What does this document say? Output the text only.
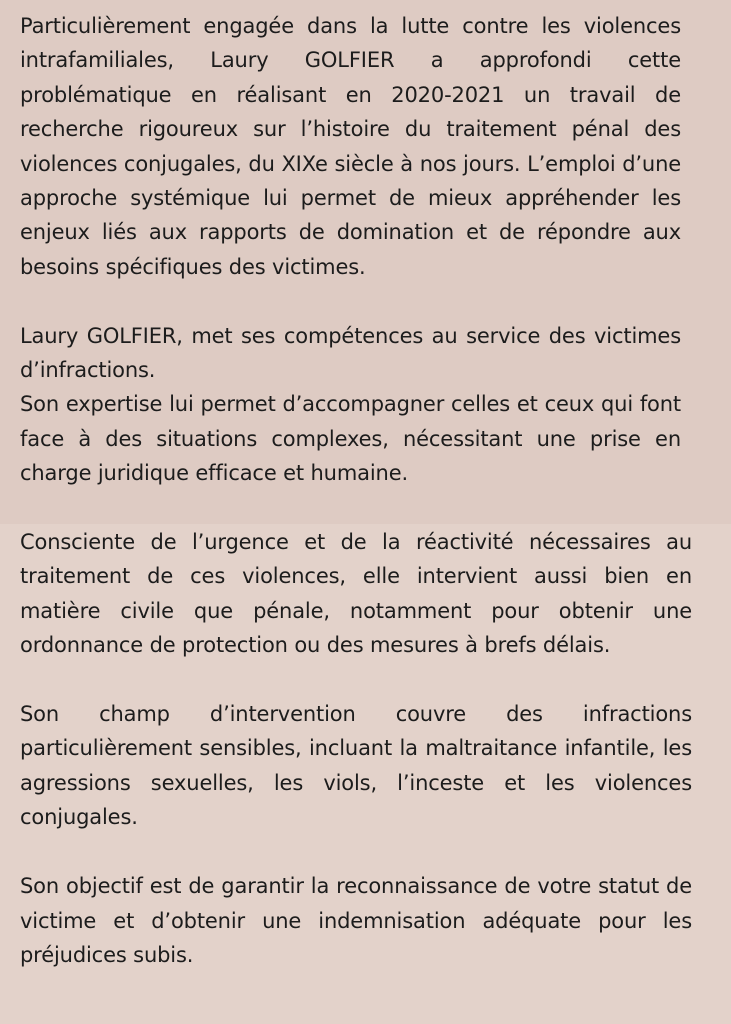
Particulièrement engagée dans la lutte contre les violences intrafamiliales, Laury GOLFIER a approfondi cette problématique en réalisant en 2020-2021 un travail de recherche rigoureux sur l’histoire du traitement pénal des violences conjugales, du XIXe siècle à nos jours. L’emploi d’une approche systémique lui permet de mieux appréhender les enjeux liés aux rapports de domination et de répondre aux besoins spécifiques des victimes.

Laury GOLFIER, met ses compétences au service des victimes d’infractions.

Son expertise lui permet d’accompagner celles et ceux qui font face à des situations complexes, nécessitant une prise en charge juridique efficace et humaine.

Consciente de l’urgence et de la réactivité nécessaires au traitement de ces violences, elle intervient aussi bien en matière civile que pénale, notamment pour obtenir une ordonnance de protection ou des mesures à brefs délais.

Son champ d’intervention couvre des infractions particulièrement sensibles, incluant la maltraitance infantile, les agressions sexuelles, les viols, l’inceste et les violences conjugales.

Son objectif est de garantir la reconnaissance de votre statut de victime et d’obtenir une indemnisation adéquate pour les préjudices subis.
